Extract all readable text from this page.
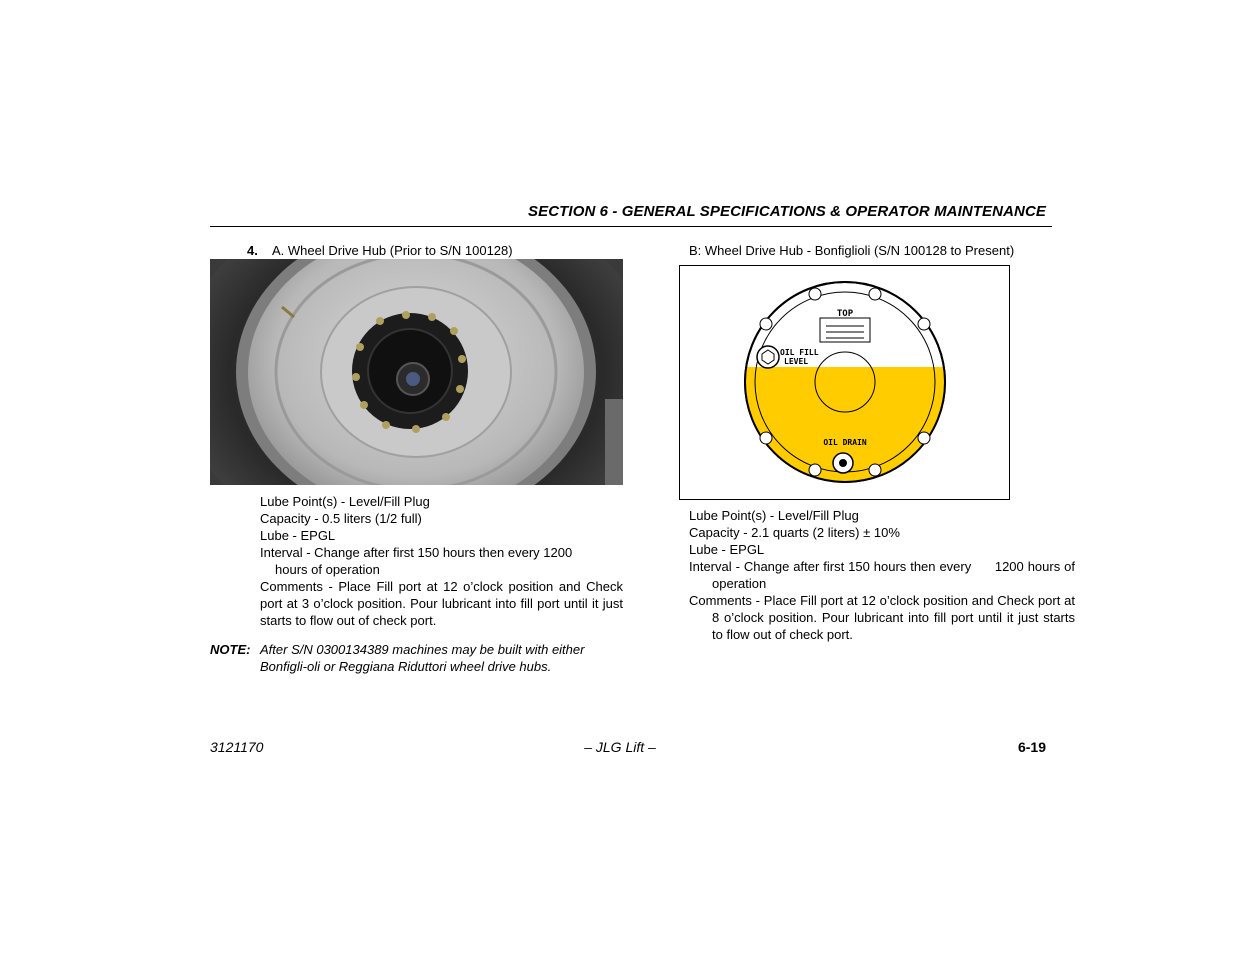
SECTION 6 - GENERAL SPECIFICATIONS & OPERATOR MAINTENANCE
4. A. Wheel Drive Hub (Prior to S/N 100128)	B: Wheel Drive Hub - Bonfiglioli (S/N 100128 to Present)
Lube Point(s) - Level/Fill Plug
Capacity - 0.5 liters (1/2 full)
Lube - EPGL
Interval - Change after first 150 hours then every 1200
hours of operation
Comments - Place Fill port at 12 o’clock position and Check port at 3 o’clock position. Pour lubricant into fill port until it just starts to flow out of check port.
NOTE: After S/N 0300134389 machines may be built with either Bonfigli-oli or Reggiana Riduttori wheel drive hubs.
TOP
OIL FILL
LEVEL
OIL DRAIN
Lube Point(s) - Level/Fill Plug
Capacity - 2.1 quarts (2 liters) ± 10%
Lube - EPGL
Interval - Change after first 150 hours then every      1200 hours of operation
Comments - Place Fill port at 12 o’clock position and Check port at 8 o’clock position. Pour lubricant into fill port until it just starts to flow out of check port.
3121170	– JLG Lift –	6-19
